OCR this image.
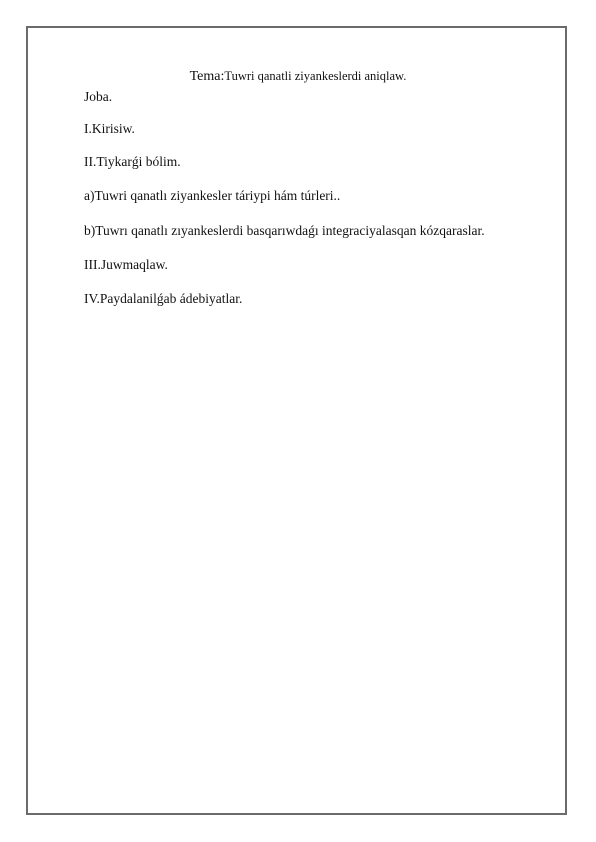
Tema:Tuwri qanatli ziyankeslerdi aniqlaw.
Joba.
I.Kirisiw.
II.Tiykarǵi bólim.
a)Tuwri qanatlı ziyankesler táriypi hám túrleri..
b)Tuwrı qanatlı zıyankeslerdi basqarıwdaǵı integraciyalasqan kózqaraslar.
III.Juwmaqlaw.
IV.Paydalanilǵab ádebiyatlar.
